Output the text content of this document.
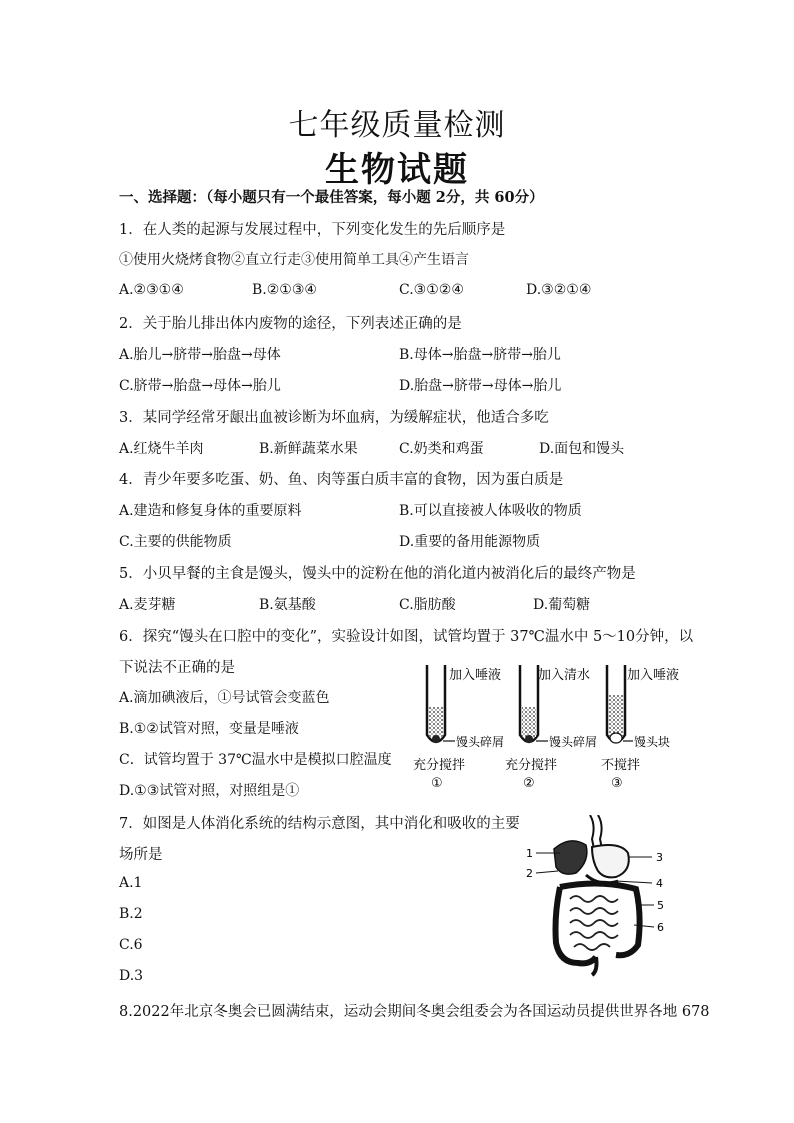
七年级质量检测
生物试题
一、选择题：（每小题只有一个最佳答案，每小题 2分，共 60分）
1．在人类的起源与发展过程中，下列变化发生的先后顺序是
①使用火烧烤食物②直立行走③使用简单工具④产生语言
A.②③①④	B.②①③④	C.③①②④	D.③②①④
2．关于胎儿排出体内废物的途径，下列表述正确的是
A.胎儿→脐带→胎盘→母体	B.母体→胎盘→脐带→胎儿
C.脐带→胎盘→母体→胎儿	D.胎盘→脐带→母体→胎儿
3．某同学经常牙龈出血被诊断为坏血病，为缓解症状，他适合多吃
A.红烧牛羊肉	B.新鲜蔬菜水果	C.奶类和鸡蛋	D.面包和馒头
4．青少年要多吃蛋、奶、鱼、肉等蛋白质丰富的食物，因为蛋白质是
A.建造和修复身体的重要原料	B.可以直接被人体吸收的物质
C.主要的供能物质	D.重要的备用能源物质
5．小贝早餐的主食是馒头，馒头中的淀粉在他的消化道内被消化后的最终产物是
A.麦芽糖	B.氨基酸	C.脂肪酸	D.葡萄糖
6．探究“馒头在口腔中的变化”，实验设计如图，试管均置于 37℃温水中 5～10分钟，以
下说法不正确的是
A.滴加碘液后，①号试管会变蓝色
B.①②试管对照，变量是唾液
C．试管均置于 37℃温水中是模拟口腔温度
D.①③试管对照，对照组是①
加入唾液
馒头碎屑
充分搅拌
①
加入清水
馒头碎屑
充分搅拌
②
加入唾液
馒头块
不搅拌
③
7．如图是人体消化系统的结构示意图，其中消化和吸收的主要
场所是
A.1
B.2
C.6
D.3
1
2
3
4
5
6
8.2022年北京冬奥会已圆满结束，运动会期间冬奥会组委会为各国运动员提供世界各地 678
